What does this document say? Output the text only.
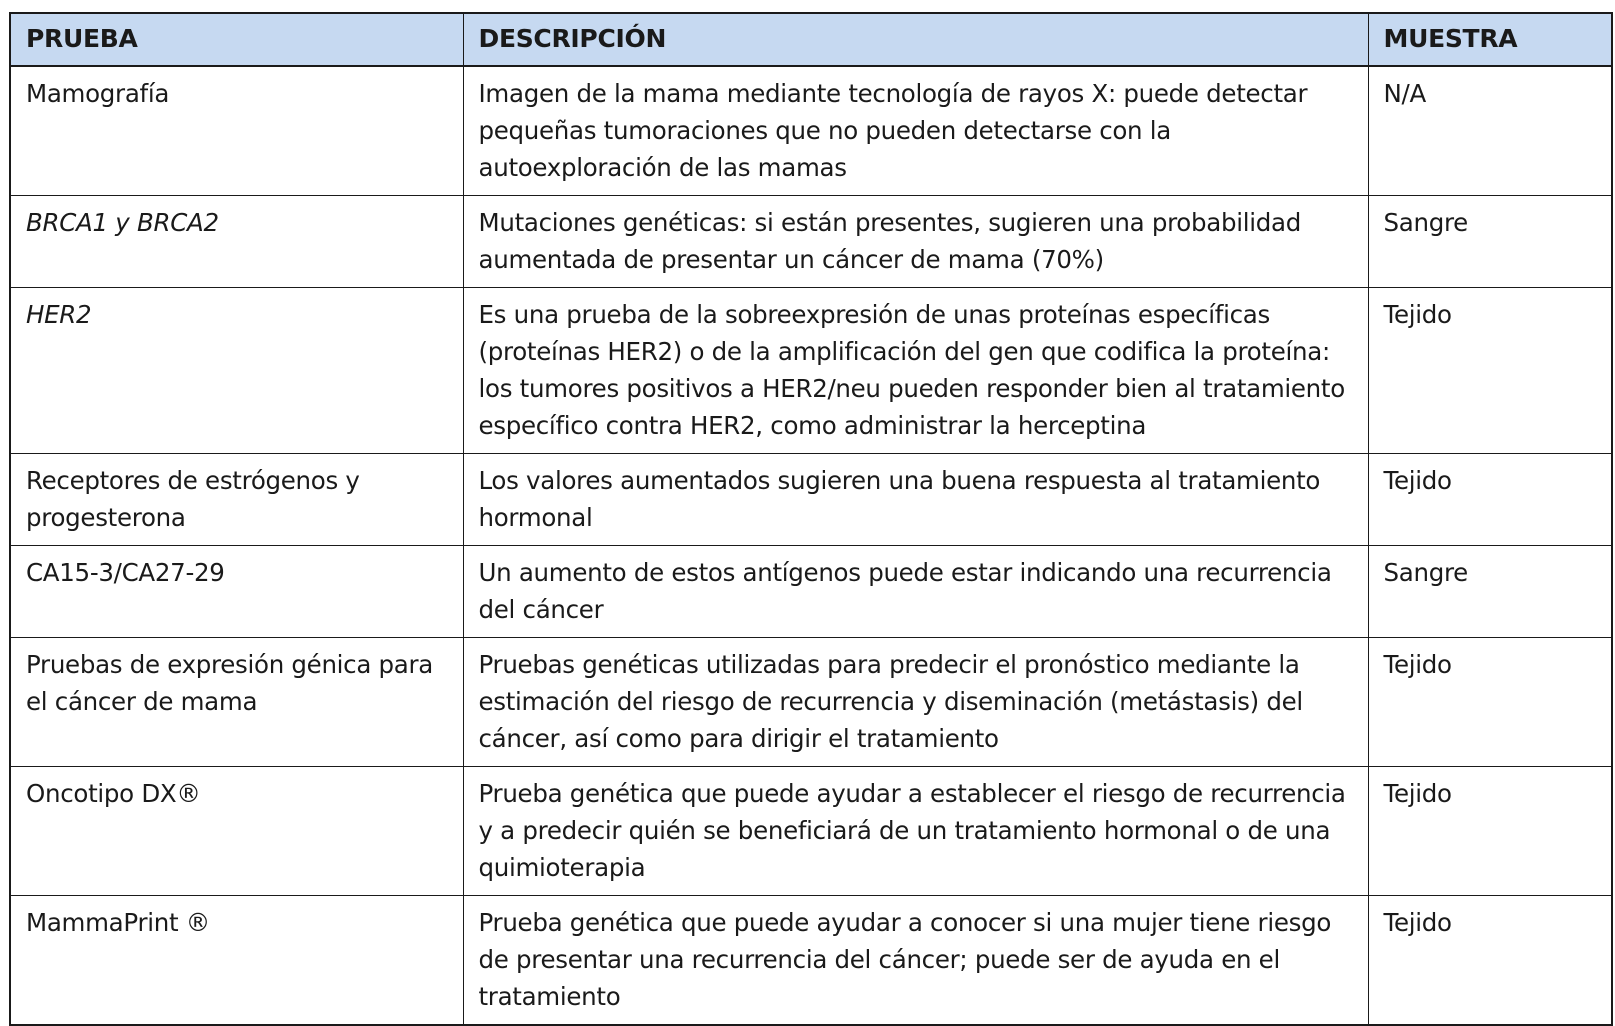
PRUEBA	DESCRIPCIÓN	MUESTRA
Mamografía	Imagen de la mama mediante tecnología de rayos X: puede detectar pequeñas tumoraciones que no pueden detectarse con la autoexploración de las mamas	N/A
BRCA1 y BRCA2	Mutaciones genéticas: si están presentes, sugieren una probabilidad aumentada de presentar un cáncer de mama (70%)	Sangre
HER2	Es una prueba de la sobreexpresión de unas proteínas específicas (proteínas HER2) o de la amplificación del gen que codifica la proteína: los tumores positivos a HER2/neu pueden responder bien al tratamiento específico contra HER2, como administrar la herceptina	Tejido
Receptores de estrógenos y progesterona	Los valores aumentados sugieren una buena respuesta al tratamiento hormonal	Tejido
CA15-3/CA27-29	Un aumento de estos antígenos puede estar indicando una recurrencia del cáncer	Sangre
Pruebas de expresión génica para el cáncer de mama	Pruebas genéticas utilizadas para predecir el pronóstico mediante la estimación del riesgo de recurrencia y diseminación (metástasis) del cáncer, así como para dirigir el tratamiento	Tejido
Oncotipo DX®	Prueba genética que puede ayudar a establecer el riesgo de recurrencia y a predecir quién se beneficiará de un tratamiento hormonal o de una quimioterapia	Tejido
MammaPrint ®	Prueba genética que puede ayudar a conocer si una mujer tiene riesgo de presentar una recurrencia del cáncer; puede ser de ayuda en el tratamiento	Tejido
